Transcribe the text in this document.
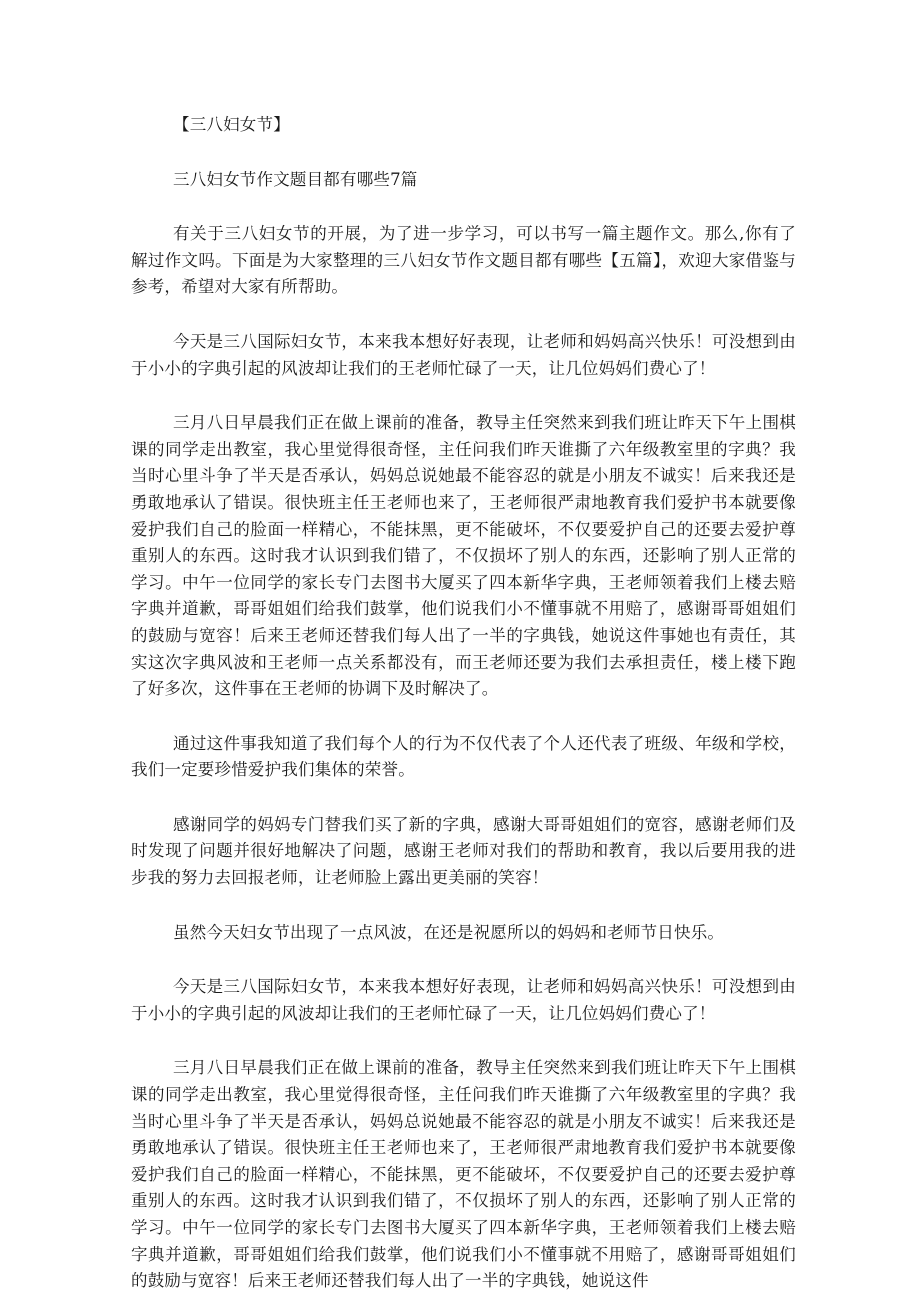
【三八妇女节】

三八妇女节作文题目都有哪些7篇

有关于三八妇女节的开展，为了进一步学习，可以书写一篇主题作文。那么,你有了解过作文吗。下面是为大家整理的三八妇女节作文题目都有哪些【五篇】，欢迎大家借鉴与参考，希望对大家有所帮助。

今天是三八国际妇女节，本来我本想好好表现，让老师和妈妈高兴快乐！可没想到由于小小的字典引起的风波却让我们的王老师忙碌了一天，让几位妈妈们费心了！

三月八日早晨我们正在做上课前的准备，教导主任突然来到我们班让昨天下午上围棋课的同学走出教室，我心里觉得很奇怪，主任问我们昨天谁撕了六年级教室里的字典？我当时心里斗争了半天是否承认，妈妈总说她最不能容忍的就是小朋友不诚实！后来我还是勇敢地承认了错误。很快班主任王老师也来了，王老师很严肃地教育我们爱护书本就要像爱护我们自己的脸面一样精心，不能抹黑，更不能破坏，不仅要爱护自己的还要去爱护尊重别人的东西。这时我才认识到我们错了，不仅损坏了别人的东西，还影响了别人正常的学习。中午一位同学的家长专门去图书大厦买了四本新华字典，王老师领着我们上楼去赔字典并道歉，哥哥姐姐们给我们鼓掌，他们说我们小不懂事就不用赔了，感谢哥哥姐姐们的鼓励与宽容！后来王老师还替我们每人出了一半的字典钱，她说这件事她也有责任，其实这次字典风波和王老师一点关系都没有，而王老师还要为我们去承担责任，楼上楼下跑了好多次，这件事在王老师的协调下及时解决了。

通过这件事我知道了我们每个人的行为不仅代表了个人还代表了班级、年级和学校，我们一定要珍惜爱护我们集体的荣誉。

感谢同学的妈妈专门替我们买了新的字典，感谢大哥哥姐姐们的宽容，感谢老师们及时发现了问题并很好地解决了问题，感谢王老师对我们的帮助和教育，我以后要用我的进步我的努力去回报老师，让老师脸上露出更美丽的笑容！

虽然今天妇女节出现了一点风波，在还是祝愿所以的妈妈和老师节日快乐。

今天是三八国际妇女节，本来我本想好好表现，让老师和妈妈高兴快乐！可没想到由于小小的字典引起的风波却让我们的王老师忙碌了一天，让几位妈妈们费心了！

三月八日早晨我们正在做上课前的准备，教导主任突然来到我们班让昨天下午上围棋课的同学走出教室，我心里觉得很奇怪，主任问我们昨天谁撕了六年级教室里的字典？我当时心里斗争了半天是否承认，妈妈总说她最不能容忍的就是小朋友不诚实！后来我还是勇敢地承认了错误。很快班主任王老师也来了，王老师很严肃地教育我们爱护书本就要像爱护我们自己的脸面一样精心，不能抹黑，更不能破坏，不仅要爱护自己的还要去爱护尊重别人的东西。这时我才认识到我们错了，不仅损坏了别人的东西，还影响了别人正常的学习。中午一位同学的家长专门去图书大厦买了四本新华字典，王老师领着我们上楼去赔字典并道歉，哥哥姐姐们给我们鼓掌，他们说我们小不懂事就不用赔了，感谢哥哥姐姐们的鼓励与宽容！后来王老师还替我们每人出了一半的字典钱，她说这件
